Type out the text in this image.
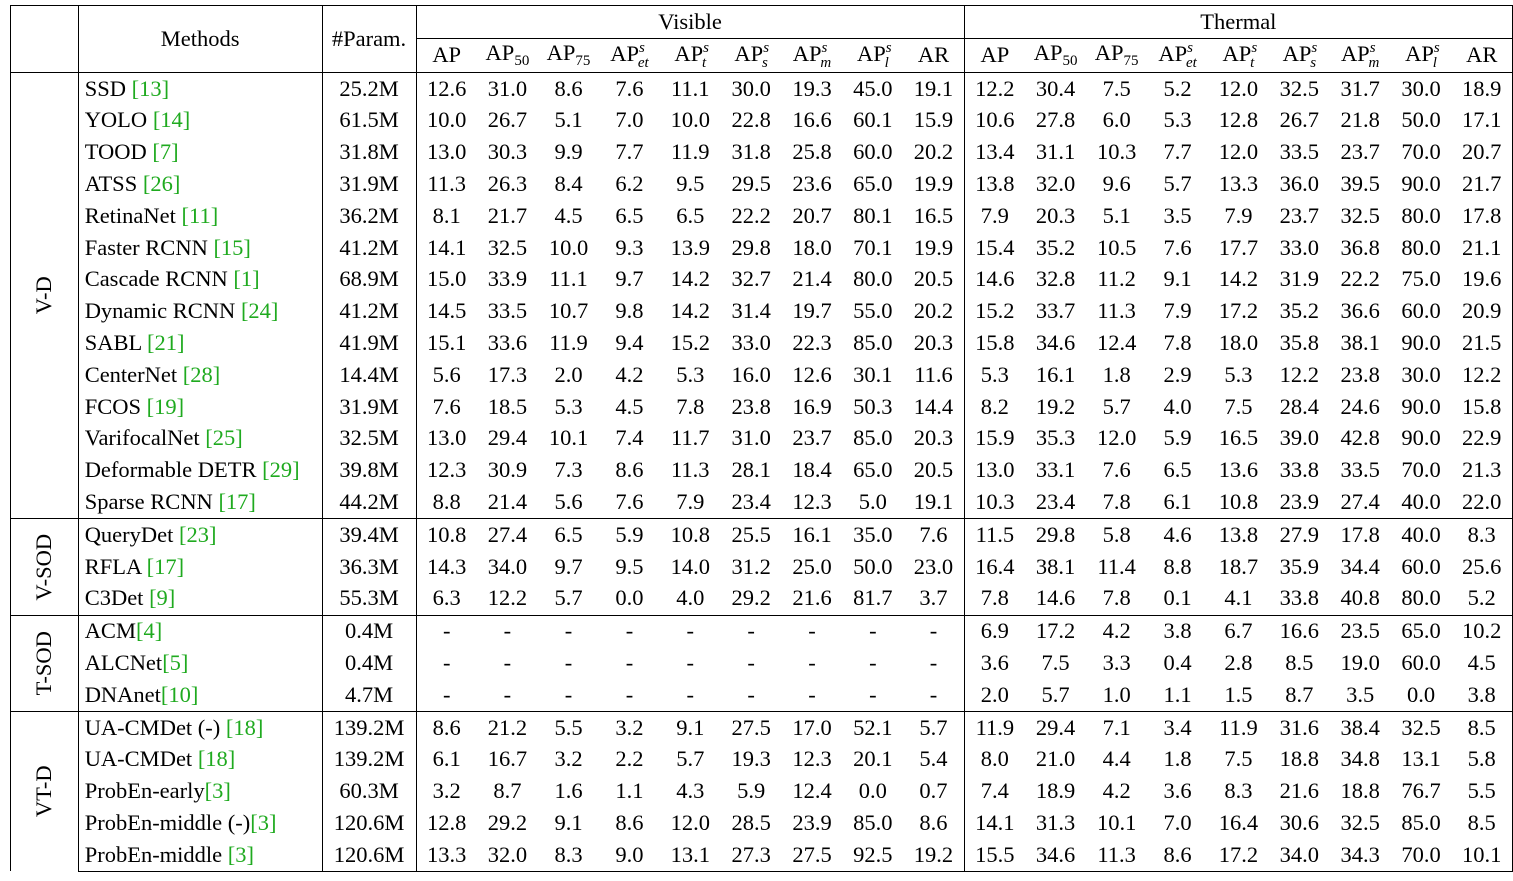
	Methods	#Param.	Visible									Thermal								
			AP	$AP_{50}$	$AP_{75}$	$AP^s_{et}$	$AP^s_t$	$AP^s_s$	$AP^s_m$	$AP^s_l$	AR	AP	$AP_{50}$	$AP_{75}$	$AP^s_{et}$	$AP^s_t$	$AP^s_s$	$AP^s_m$	$AP^s_l$	AR

V-D	SSD [13]	25.2M	12.6	31.0	8.6	7.6	11.1	30.0	19.3	45.0	19.1	12.2	30.4	7.5	5.2	12.0	32.5	31.7	30.0	18.9
	YOLO [14]	61.5M	10.0	26.7	5.1	7.0	10.0	22.8	16.6	60.1	15.9	10.6	27.8	6.0	5.3	12.8	26.7	21.8	50.0	17.1
	TOOD [7]	31.8M	13.0	30.3	9.9	7.7	11.9	31.8	25.8	60.0	20.2	13.4	31.1	10.3	7.7	12.0	33.5	23.7	70.0	20.7
	ATSS [26]	31.9M	11.3	26.3	8.4	6.2	9.5	29.5	23.6	65.0	19.9	13.8	32.0	9.6	5.7	13.3	36.0	39.5	90.0	21.7
	RetinaNet [11]	36.2M	8.1	21.7	4.5	6.5	6.5	22.2	20.7	80.1	16.5	7.9	20.3	5.1	3.5	7.9	23.7	32.5	80.0	17.8
	Faster RCNN [15]	41.2M	14.1	32.5	10.0	9.3	13.9	29.8	18.0	70.1	19.9	15.4	35.2	10.5	7.6	17.7	33.0	36.8	80.0	21.1
	Cascade RCNN [1]	68.9M	15.0	33.9	11.1	9.7	14.2	32.7	21.4	80.0	20.5	14.6	32.8	11.2	9.1	14.2	31.9	22.2	75.0	19.6
	Dynamic RCNN [24]	41.2M	14.5	33.5	10.7	9.8	14.2	31.4	19.7	55.0	20.2	15.2	33.7	11.3	7.9	17.2	35.2	36.6	60.0	20.9
	SABL [21]	41.9M	15.1	33.6	11.9	9.4	15.2	33.0	22.3	85.0	20.3	15.8	34.6	12.4	7.8	18.0	35.8	38.1	90.0	21.5
	CenterNet [28]	14.4M	5.6	17.3	2.0	4.2	5.3	16.0	12.6	30.1	11.6	5.3	16.1	1.8	2.9	5.3	12.2	23.8	30.0	12.2
	FCOS [19]	31.9M	7.6	18.5	5.3	4.5	7.8	23.8	16.9	50.3	14.4	8.2	19.2	5.7	4.0	7.5	28.4	24.6	90.0	15.8
	VarifocalNet [25]	32.5M	13.0	29.4	10.1	7.4	11.7	31.0	23.7	85.0	20.3	15.9	35.3	12.0	5.9	16.5	39.0	42.8	90.0	22.9
	Deformable DETR [29]	39.8M	12.3	30.9	7.3	8.6	11.3	28.1	18.4	65.0	20.5	13.0	33.1	7.6	6.5	13.6	33.8	33.5	70.0	21.3
	Sparse RCNN [17]	44.2M	8.8	21.4	5.6	7.6	7.9	23.4	12.3	5.0	19.1	10.3	23.4	7.8	6.1	10.8	23.9	27.4	40.0	22.0

V-SOD	QueryDet [23]	39.4M	10.8	27.4	6.5	5.9	10.8	25.5	16.1	35.0	7.6	11.5	29.8	5.8	4.6	13.8	27.9	17.8	40.0	8.3
	RFLA [17]	36.3M	14.3	34.0	9.7	9.5	14.0	31.2	25.0	50.0	23.0	16.4	38.1	11.4	8.8	18.7	35.9	34.4	60.0	25.6
	C3Det [9]	55.3M	6.3	12.2	5.7	0.0	4.0	29.2	21.6	81.7	3.7	7.8	14.6	7.8	0.1	4.1	33.8	40.8	80.0	5.2

T-SOD	ACM[4]	0.4M	-	-	-	-	-	-	-	-	-	6.9	17.2	4.2	3.8	6.7	16.6	23.5	65.0	10.2
	ALCNet[5]	0.4M	-	-	-	-	-	-	-	-	-	3.6	7.5	3.3	0.4	2.8	8.5	19.0	60.0	4.5
	DNAnet[10]	4.7M	-	-	-	-	-	-	-	-	-	2.0	5.7	1.0	1.1	1.5	8.7	3.5	0.0	3.8

VT-D	UA-CMDet (-) [18]	139.2M	8.6	21.2	5.5	3.2	9.1	27.5	17.0	52.1	5.7	11.9	29.4	7.1	3.4	11.9	31.6	38.4	32.5	8.5
	UA-CMDet [18]	139.2M	6.1	16.7	3.2	2.2	5.7	19.3	12.3	20.1	5.4	8.0	21.0	4.4	1.8	7.5	18.8	34.8	13.1	5.8
	ProbEn-early[3]	60.3M	3.2	8.7	1.6	1.1	4.3	5.9	12.4	0.0	0.7	7.4	18.9	4.2	3.6	8.3	21.6	18.8	76.7	5.5
	ProbEn-middle (-)[3]	120.6M	12.8	29.2	9.1	8.6	12.0	28.5	23.9	85.0	8.6	14.1	31.3	10.1	7.0	16.4	30.6	32.5	85.0	8.5
	ProbEn-middle [3]	120.6M	13.3	32.0	8.3	9.0	13.1	27.3	27.5	92.5	19.2	15.5	34.6	11.3	8.6	17.2	34.0	34.3	70.0	10.1
